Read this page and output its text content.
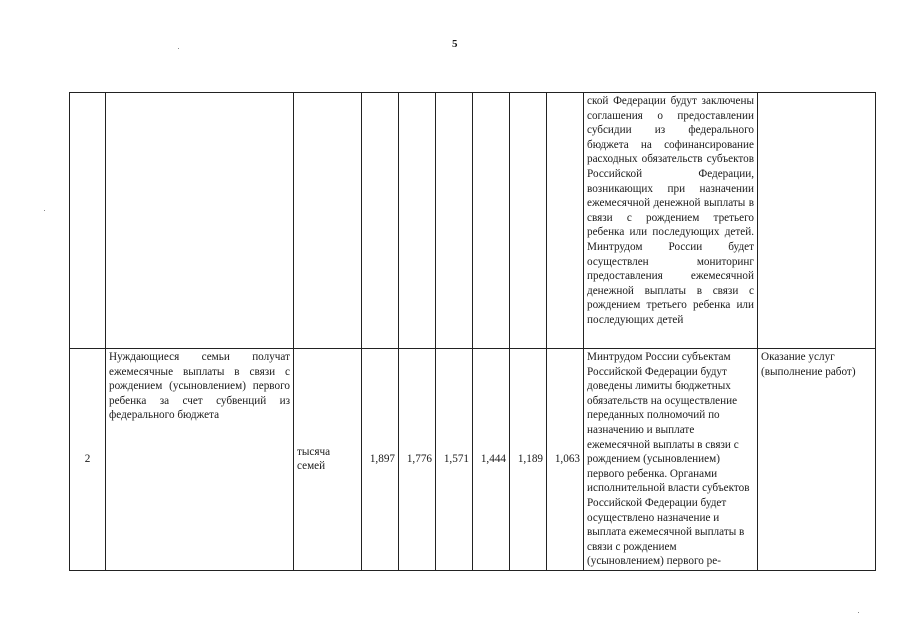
5
									ской Федерации будут заключены соглашения о предоставлении субсидии из федерального бюджета на софинансирование расходных обязательств субъектов Российской Федерации, возникающих при назначении ежемесячной денежной выплаты в связи с рождением третьего ребенка или последующих детей. Минтрудом России будет осуществлен мониторинг предоставления ежемесячной денежной выплаты в связи с рождением третьего ребенка или последующих детей	
2	Нуждающиеся семьи получат ежемесячные выплаты в связи с рождением (усыновлением) первого ребенка за счет субвенций из федерального бюджета	тысяча семей	1,897	1,776	1,571	1,444	1,189	1,063	Минтрудом России субъектам Российской Федерации будут доведены лимиты бюджетных обязательств на осуществление переданных полномочий по назначению и выплате ежемесячной выплаты в связи с рождением (усыновлением) первого ребенка. Органами исполнительной власти субъектов Российской Федерации будет осуществлено назначение и выплата ежемесячной выплаты в связи с рождением (усыновлением) первого ре-	Оказание услуг (выполнение работ)
